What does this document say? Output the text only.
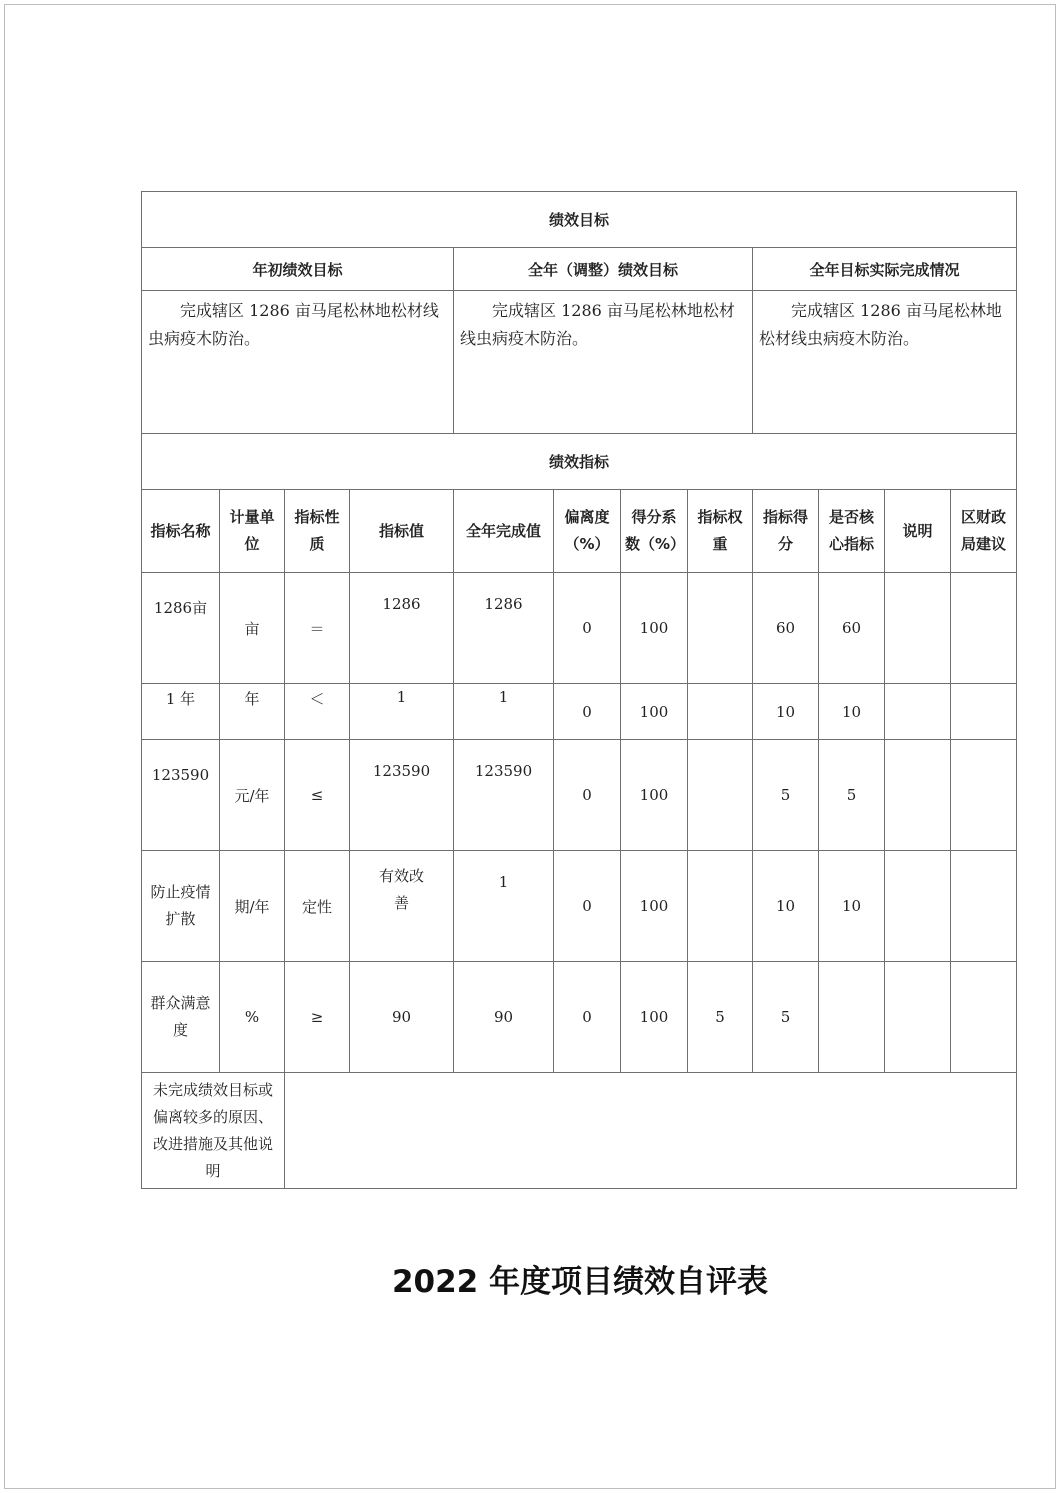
绩效目标											
年初绩效目标				全年（调整）绩效目标				全年目标实际完成情况			
完成辖区 1286 亩马尾松林地松材线虫病疫木防治。				完成辖区 1286 亩马尾松林地松材线虫病疫木防治。				完成辖区 1286 亩马尾松林地松材线虫病疫木防治。			
绩效指标											
指标名称	计量单位	指标性质	指标值	全年完成值	偏离度（%）	得分系数（%）	指标权重	指标得分	是否核心指标	说明	区财政局建议
1286亩	亩	＝	1286	1286	0	100		60	60		
1 年	年	＜	1	1	0	100		10	10		
123590	元/年	≤	123590	123590	0	100		5	5		
防止疫情扩散	期/年	定性	有效改善	1	0	100		10	10		
群众满意度	%	≥	90	90	0	100	5	5			
未完成绩效目标或偏离较多的原因、改进措施及其他说明											
2022 年度项目绩效自评表
